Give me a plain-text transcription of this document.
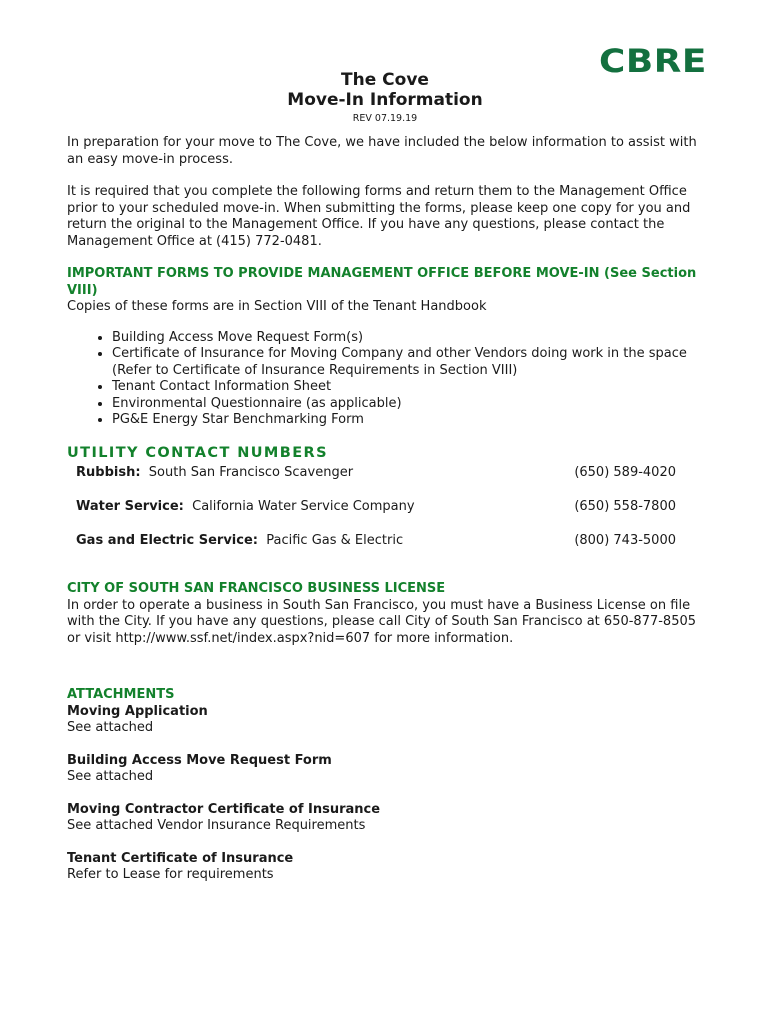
CBRE
The Cove
Move-In Information
REV 07.19.19

In preparation for your move to The Cove, we have included the below information to assist with an easy move-in process.

It is required that you complete the following forms and return them to the Management Office prior to your scheduled move-in. When submitting the forms, please keep one copy for you and return the original to the Management Office. If you have any questions, please contact the Management Office at (415) 772-0481.

IMPORTANT FORMS TO PROVIDE MANAGEMENT OFFICE BEFORE MOVE-IN (See Section VIII)

Copies of these forms are in Section VIII of the Tenant Handbook

• Building Access Move Request Form(s)
• Certificate of Insurance for Moving Company and other Vendors doing work in the space (Refer to Certificate of Insurance Requirements in Section VIII)
• Tenant Contact Information Sheet
• Environmental Questionnaire (as applicable)
• PG&E Energy Star Benchmarking Form

UTILITY CONTACT NUMBERS

Rubbish: South San Francisco Scavenger	(650) 589-4020
Water Service: California Water Service Company	(650) 558-7800
Gas and Electric Service: Pacific Gas & Electric	(800) 743-5000

CITY OF SOUTH SAN FRANCISCO BUSINESS LICENSE

In order to operate a business in South San Francisco, you must have a Business License on file with the City. If you have any questions, please call City of South San Francisco at 650-877-8505 or visit http://www.ssf.net/index.aspx?nid=607 for more information.

ATTACHMENTS

Moving Application

See attached

Building Access Move Request Form

See attached

Moving Contractor Certificate of Insurance

See attached Vendor Insurance Requirements

Tenant Certificate of Insurance

Refer to Lease for requirements
